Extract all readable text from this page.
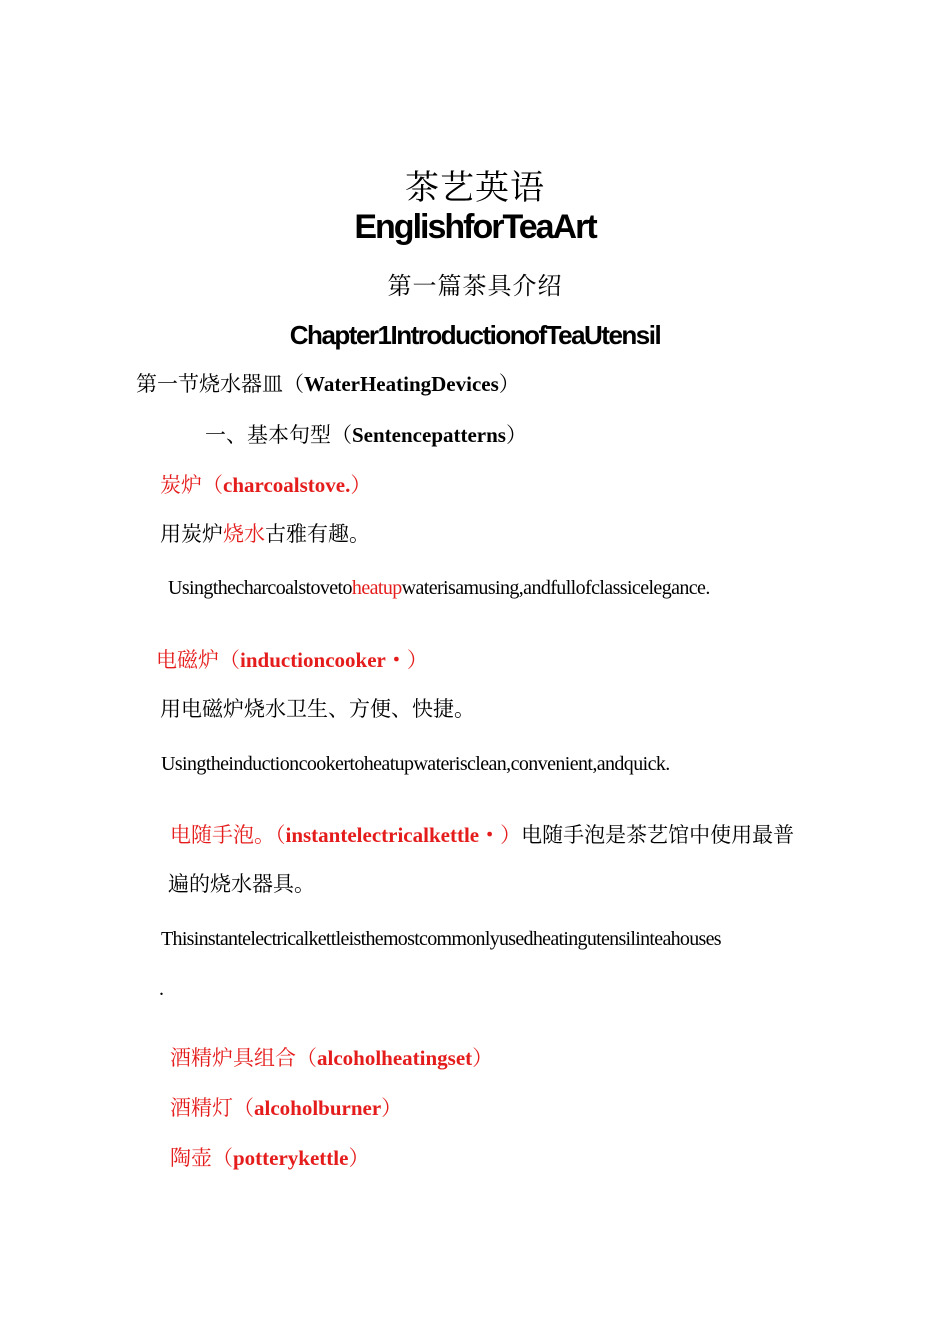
茶艺英语
EnglishforTeaArt
第一篇茶具介绍
Chapter1IntroductionofTeaUtensil
第一节烧水器皿（WaterHeatingDevices）
一、基本句型（Sentencepatterns）
炭炉（charcoalstove.）
用炭炉烧水古雅有趣。
Usingthecharcoalstovetoheatupwaterisamusing,andfullofclassicelegance.
电磁炉（inductioncooker・）
用电磁炉烧水卫生、方便、快捷。
Usingtheinductioncookertoheatupwaterisclean,convenient,andquick.
电随手泡。（instantelectricalkettle・）电随手泡是茶艺馆中使用最普
遍的烧水器具。
Thisinstantelectricalkettleisthemostcommonlyusedheatingutensilinteahouses
.
酒精炉具组合（alcoholheatingset）
酒精灯（alcoholburner）
陶壶（potterykettle）
